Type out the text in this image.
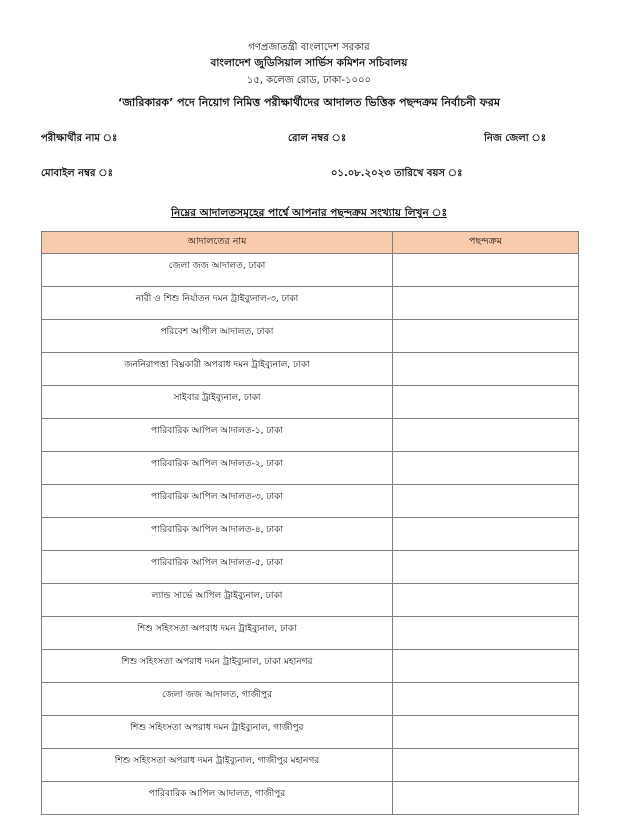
গণপ্রজাতন্ত্রী বাংলাদেশ সরকার
বাংলাদেশ জুডিসিয়াল সার্ভিস কমিশন সচিবালয়
১৫, কলেজ রোড, ঢাকা-১০০০
‘জারিকারক’ পদে নিয়োগ নিমিত্ত পরীক্ষার্থীদের আদালত ভিত্তিক পছন্দক্রম নির্বাচনী ফরম
পরীক্ষার্থীর নাম ঃ	রোল নম্বর ঃ	নিজ জেলা ঃ
মোবাইল নম্বর ঃ	০১.০৮.২০২৩ তারিখে বয়স ঃ
নিম্নের আদালতসমূহের পার্শ্বে আপনার পছন্দক্রম সংখ্যায় লিখুন ঃ
আদালতের নাম	পছন্দক্রম
জেলা জজ আদালত, ঢাকা	
নারী ও শিশু নির্যাতন দমন ট্রাইব্যুনাল-৩, ঢাকা	
পরিবেশ আপীল আদালত, ঢাকা	
জননিরাপত্তা বিঘ্নকারী অপরাধ দমন ট্রাইব্যুনাল, ঢাকা	
সাইবার ট্রাইব্যুনাল, ঢাকা	
পারিবারিক আপিল আদালত-১, ঢাকা	
পারিবারিক আপিল আদালত-২, ঢাকা	
পারিবারিক আপিল আদালত-৩, ঢাকা	
পারিবারিক আপিল আদালত-৪, ঢাকা	
পারিবারিক আপিল আদালত-৫, ঢাকা	
ল্যান্ড সার্ভে আপিল ট্রাইব্যুনাল, ঢাকা	
শিশু সহিংসতা অপরাধ দমন ট্রাইব্যুনাল, ঢাকা	
শিশু সহিংসতা অপরাধ দমন ট্রাইব্যুনাল, ঢাকা মহানগর	
জেলা জজ আদালত, গাজীপুর	
শিশু সহিংসতা অপরাধ দমন ট্রাইব্যুনাল, গাজীপুর	
শিশু সহিংসতা অপরাধ দমন ট্রাইব্যুনাল, গাজীপুর মহানগর	
পারিবারিক আপিল আদালত, গাজীপুর	
